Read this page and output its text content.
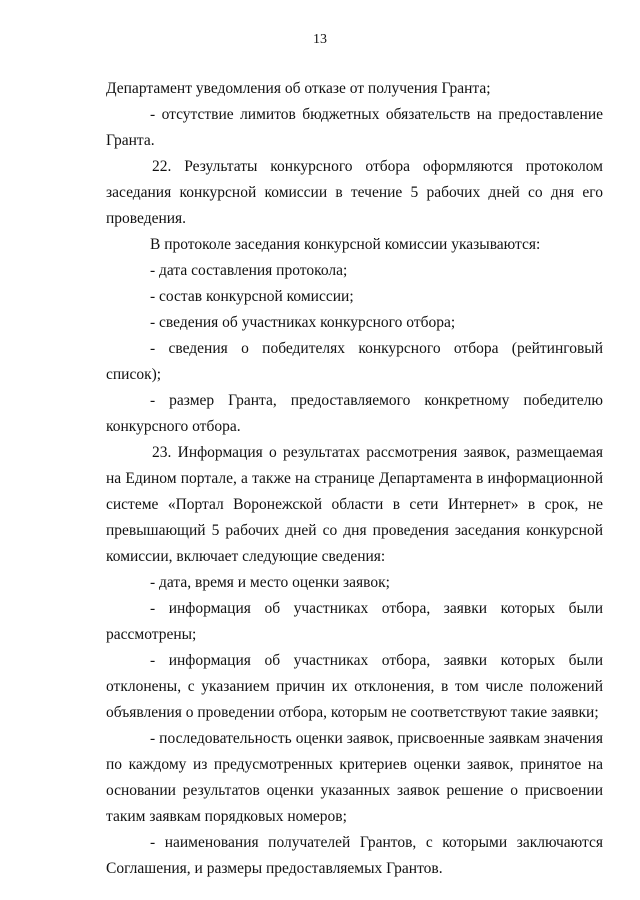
13

Департамент уведомления об отказе от получения Гранта;

- отсутствие лимитов бюджетных обязательств на предоставление Гранта.

22. Результаты конкурсного отбора оформляются протоколом заседания конкурсной комиссии в течение 5 рабочих дней со дня его проведения.

В протоколе заседания конкурсной комиссии указываются:

- дата составления протокола;

- состав конкурсной комиссии;

- сведения об участниках конкурсного отбора;

- сведения о победителях конкурсного отбора (рейтинговый список);

- размер Гранта, предоставляемого конкретному победителю конкурсного отбора.

23. Информация о результатах рассмотрения заявок, размещаемая на Едином портале, а также на странице Департамента в информационной системе «Портал Воронежской области в сети Интернет» в срок, не превышающий 5 рабочих дней со дня проведения заседания конкурсной комиссии, включает следующие сведения:

- дата, время и место оценки заявок;

- информация об участниках отбора, заявки которых были рассмотрены;

- информация об участниках отбора, заявки которых были отклонены, с указанием причин их отклонения, в том числе положений объявления о проведении отбора, которым не соответствуют такие заявки;

- последовательность оценки заявок, присвоенные заявкам значения по каждому из предусмотренных критериев оценки заявок, принятое на основании результатов оценки указанных заявок решение о присвоении таким заявкам порядковых номеров;

- наименования получателей Грантов, с которыми заключаются Соглашения, и размеры предоставляемых Грантов.
